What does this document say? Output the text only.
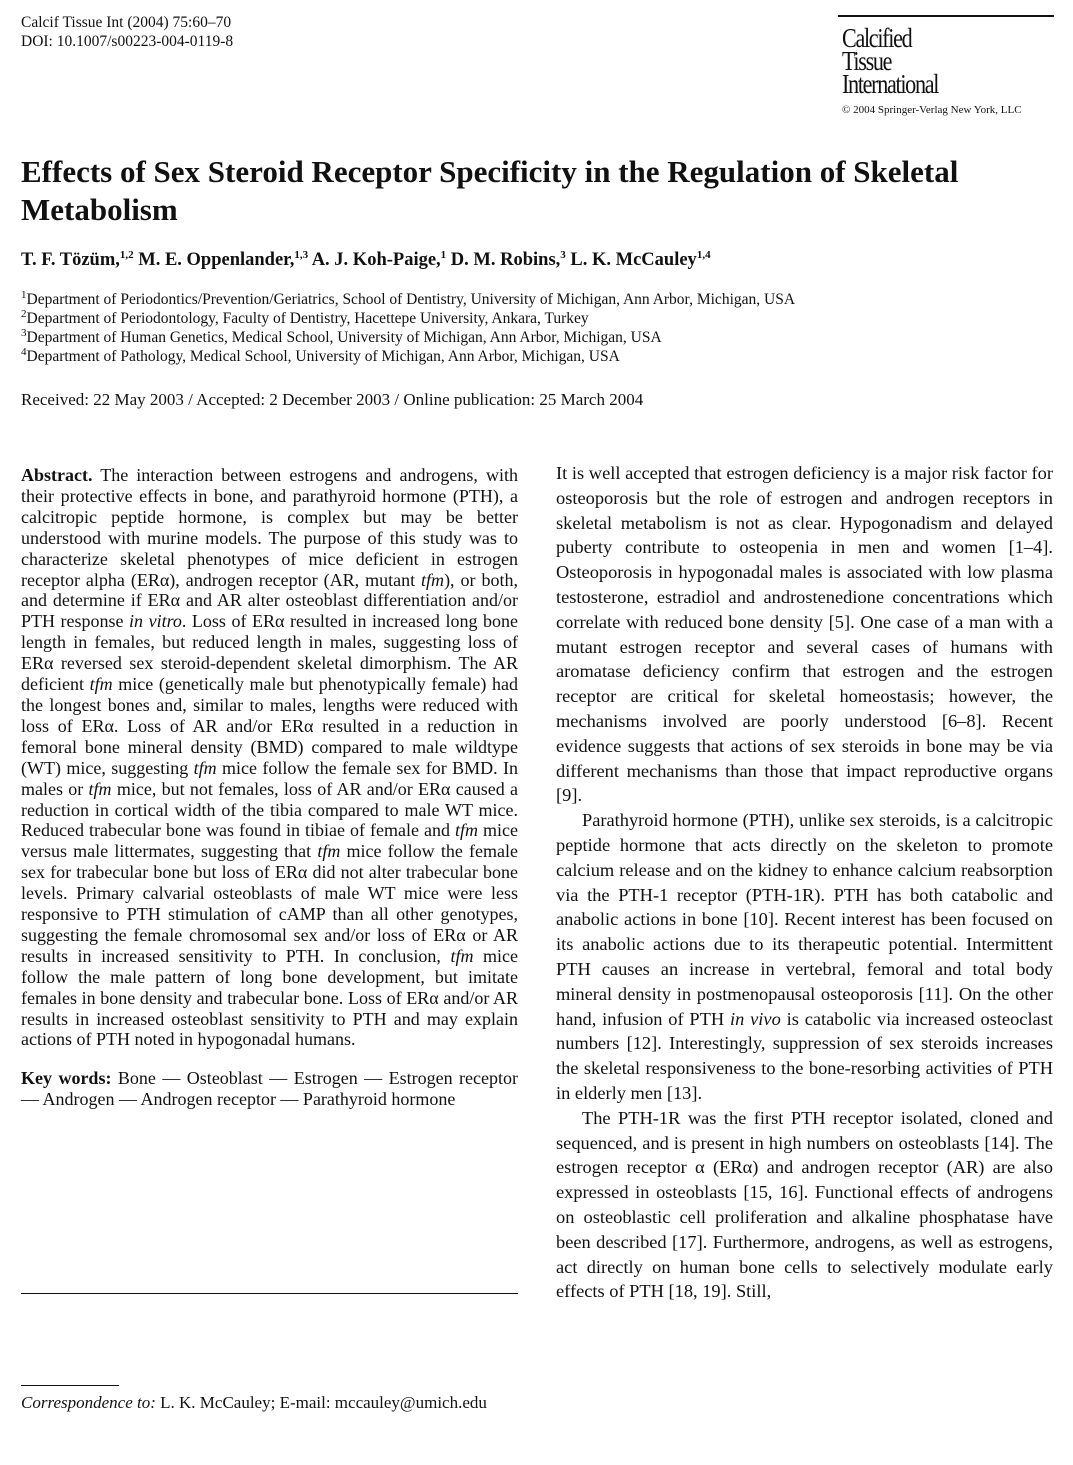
Calcif Tissue Int (2004) 75:60–70
DOI: 10.1007/s00223-004-0119-8	Calcified
Tissue
International
© 2004 Springer-Verlag New York, LLC
Effects of Sex Steroid Receptor Specificity in the Regulation of Skeletal Metabolism
T. F. Tözüm,$^{1,2}$ M. E. Oppenlander,$^{1,3}$ A. J. Koh-Paige,$^1$ D. M. Robins,$^3$ L. K. McCauley$^{1,4}$
$^1$Department of Periodontics/Prevention/Geriatrics, School of Dentistry, University of Michigan, Ann Arbor, Michigan, USA
$^2$Department of Periodontology, Faculty of Dentistry, Hacettepe University, Ankara, Turkey
$^3$Department of Human Genetics, Medical School, University of Michigan, Ann Arbor, Michigan, USA
$^4$Department of Pathology, Medical School, University of Michigan, Ann Arbor, Michigan, USA
Received: 22 May 2003 / Accepted: 2 December 2003 / Online publication: 25 March 2004

Abstract. The interaction between estrogens and androgens, with their protective effects in bone, and parathyroid hormone (PTH), a calcitropic peptide hormone, is complex but may be better understood with murine models. The purpose of this study was to characterize skeletal phenotypes of mice deficient in estrogen receptor alpha (ERα), androgen receptor (AR, mutant tfm), or both, and determine if ERα and AR alter osteoblast differentiation and/or PTH response in vitro. Loss of ERα resulted in increased long bone length in females, but reduced length in males, suggesting loss of ERα reversed sex steroid-dependent skeletal dimorphism. The AR deficient tfm mice (genetically male but phenotypically female) had the longest bones and, similar to males, lengths were reduced with loss of ERα. Loss of AR and/or ERα resulted in a reduction in femoral bone mineral density (BMD) compared to male wildtype (WT) mice, suggesting tfm mice follow the female sex for BMD. In males or tfm mice, but not females, loss of AR and/or ERα caused a reduction in cortical width of the tibia compared to male WT mice. Reduced trabecular bone was found in tibiae of female and tfm mice versus male littermates, suggesting that tfm mice follow the female sex for trabecular bone but loss of ERα did not alter trabecular bone levels. Primary calvarial osteoblasts of male WT mice were less responsive to PTH stimulation of cAMP than all other genotypes, suggesting the female chromosomal sex and/or loss of ERα or AR results in increased sensitivity to PTH. In conclusion, tfm mice follow the male pattern of long bone development, but imitate females in bone density and trabecular bone. Loss of ERα and/or AR results in increased osteoblast sensitivity to PTH and may explain actions of PTH noted in hypogonadal humans.

Key words: Bone — Osteoblast — Estrogen — Estrogen receptor — Androgen — Androgen receptor — Parathyroid hormone

Correspondence to: L. K. McCauley; E-mail: mccauley@umich.edu

It is well accepted that estrogen deficiency is a major risk factor for osteoporosis but the role of estrogen and androgen receptors in skeletal metabolism is not as clear. Hypogonadism and delayed puberty contribute to osteopenia in men and women [1–4]. Osteoporosis in hypogonadal males is associated with low plasma testosterone, estradiol and androstenedione concentrations which correlate with reduced bone density [5]. One case of a man with a mutant estrogen receptor and several cases of humans with aromatase deficiency confirm that estrogen and the estrogen receptor are critical for skeletal homeostasis; however, the mechanisms involved are poorly understood [6–8]. Recent evidence suggests that actions of sex steroids in bone may be via different mechanisms than those that impact reproductive organs [9].

Parathyroid hormone (PTH), unlike sex steroids, is a calcitropic peptide hormone that acts directly on the skeleton to promote calcium release and on the kidney to enhance calcium reabsorption via the PTH-1 receptor (PTH-1R). PTH has both catabolic and anabolic actions in bone [10]. Recent interest has been focused on its anabolic actions due to its therapeutic potential. Intermittent PTH causes an increase in vertebral, femoral and total body mineral density in postmenopausal osteoporosis [11]. On the other hand, infusion of PTH in vivo is catabolic via increased osteoclast numbers [12]. Interestingly, suppression of sex steroids increases the skeletal responsiveness to the bone-resorbing activities of PTH in elderly men [13].

The PTH-1R was the first PTH receptor isolated, cloned and sequenced, and is present in high numbers on osteoblasts [14]. The estrogen receptor α (ERα) and androgen receptor (AR) are also expressed in osteoblasts [15, 16]. Functional effects of androgens on osteoblastic cell proliferation and alkaline phosphatase have been described [17]. Furthermore, androgens, as well as estrogens, act directly on human bone cells to selectively modulate early effects of PTH [18, 19]. Still,
